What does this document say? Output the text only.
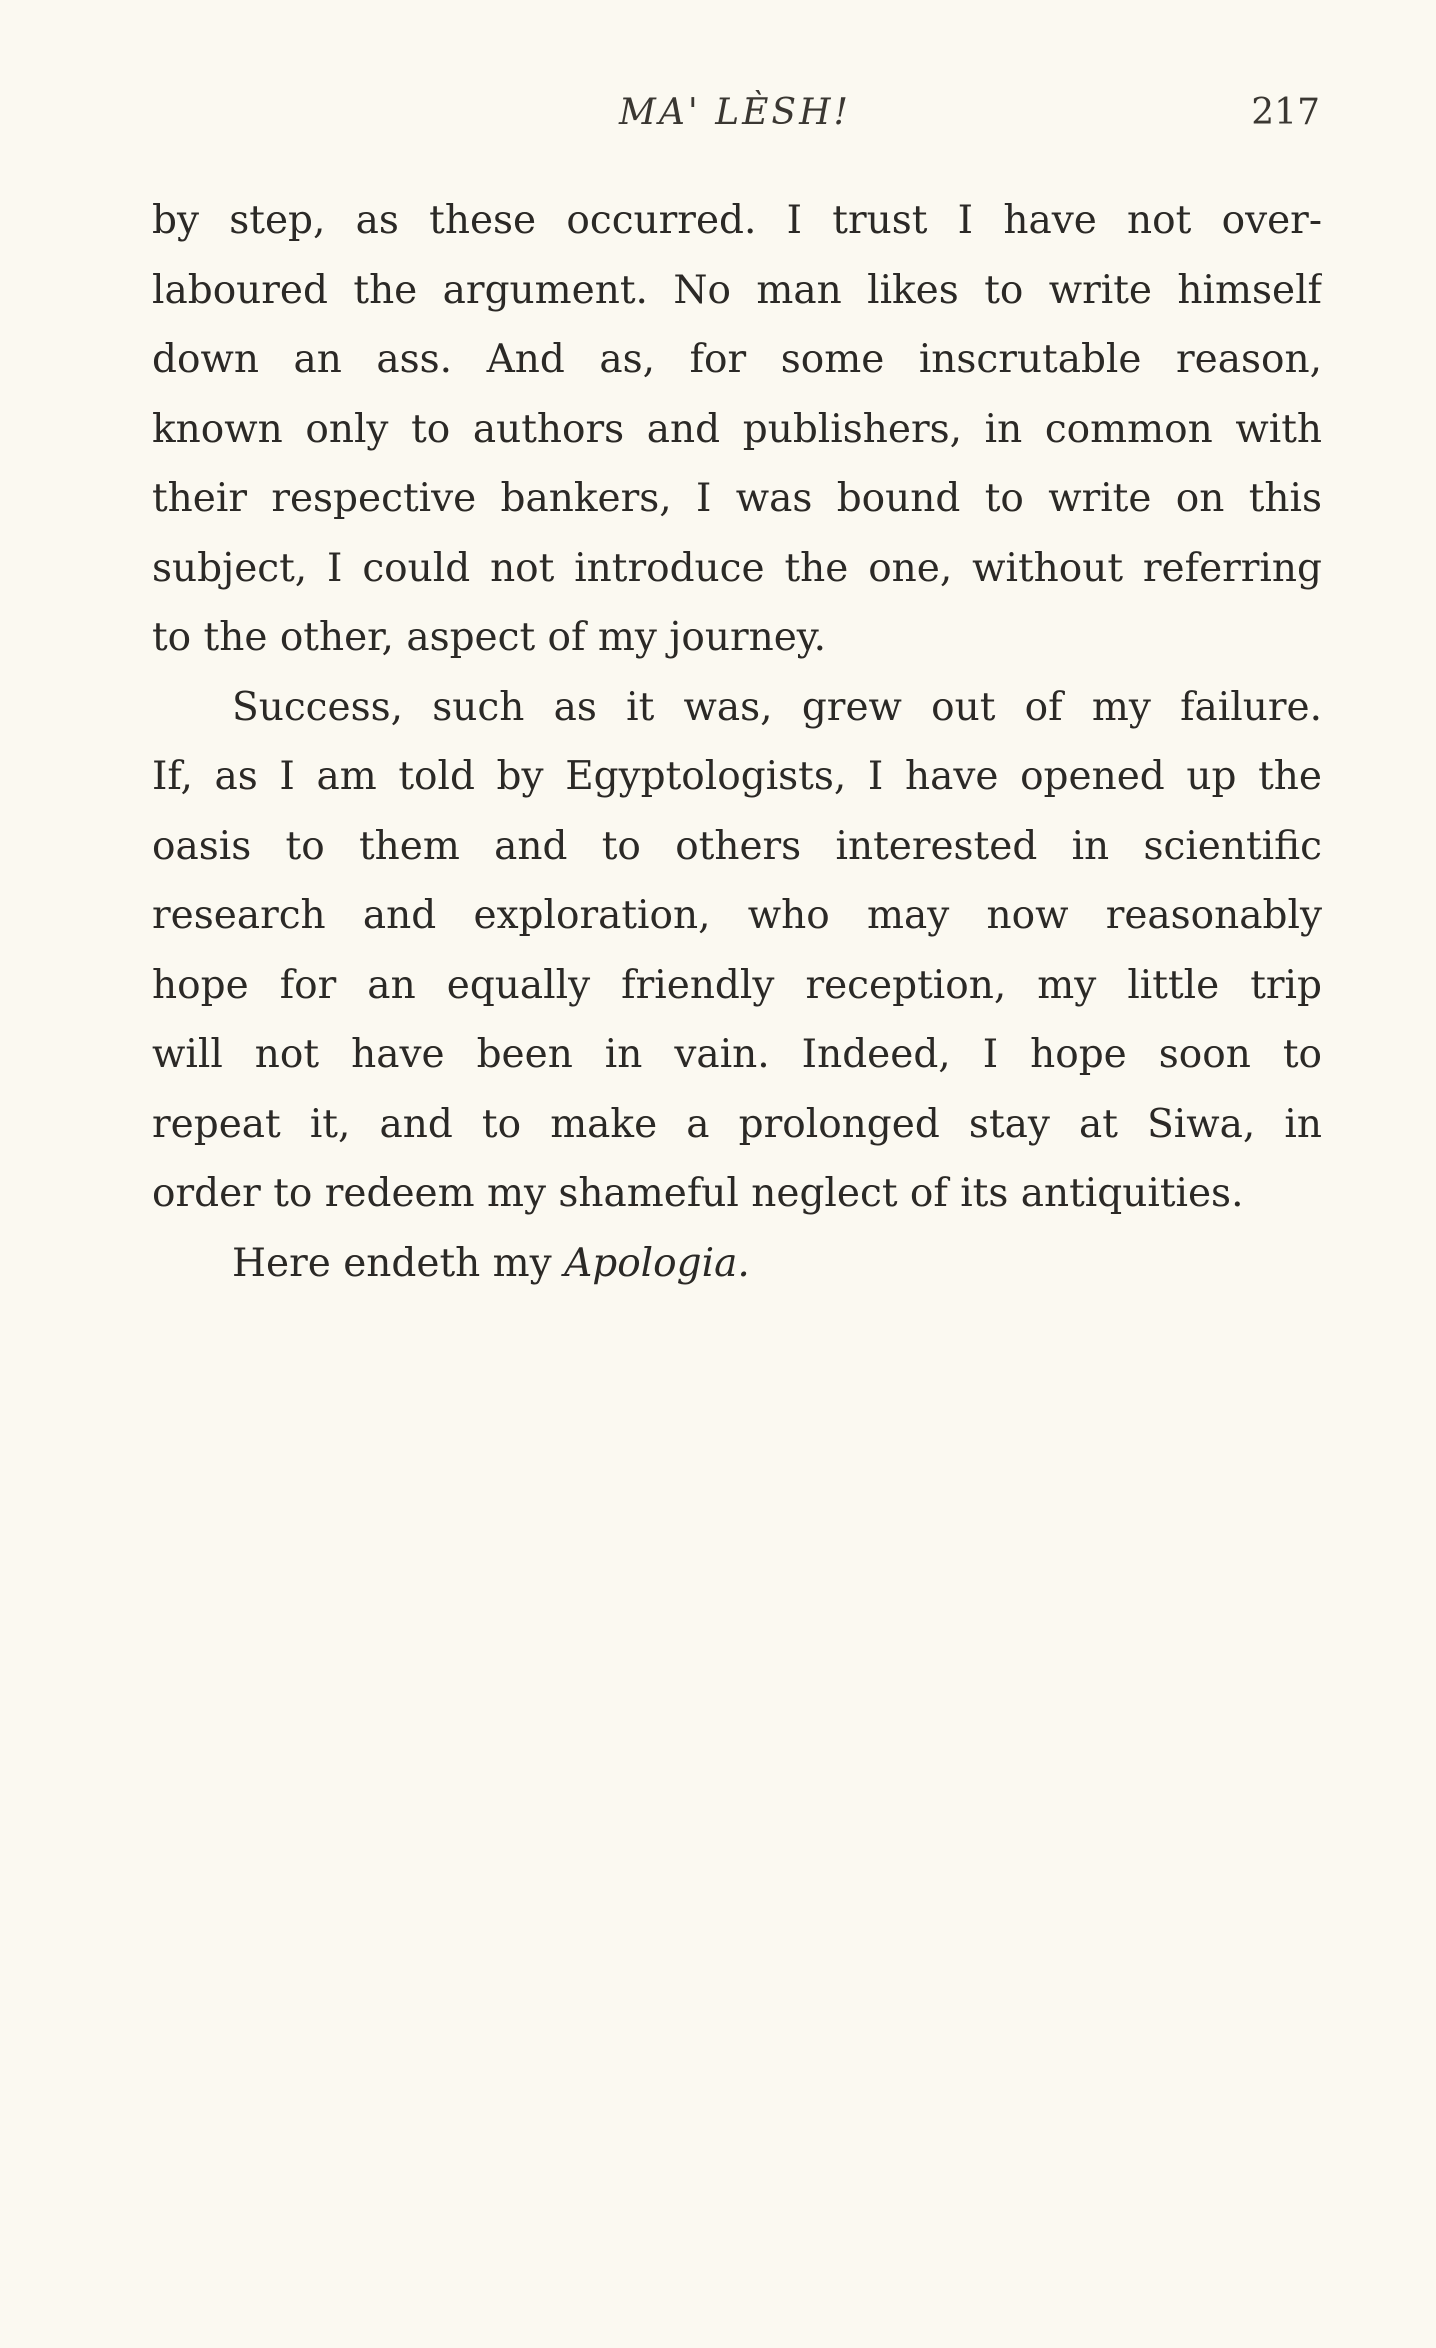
MA' LÈSH!	217
by step, as these occurred. I trust I have not over-
laboured the argument. No man likes to write himself
down an ass. And as, for some inscrutable reason,
known only to authors and publishers, in common with
their respective bankers, I was bound to write on this
subject, I could not introduce the one, without referring
to the other, aspect of my journey.
Success, such as it was, grew out of my failure.
If, as I am told by Egyptologists, I have opened up the
oasis to them and to others interested in scientific
research and exploration, who may now reasonably
hope for an equally friendly reception, my little trip
will not have been in vain. Indeed, I hope soon to
repeat it, and to make a prolonged stay at Siwa, in
order to redeem my shameful neglect of its antiquities.
Here endeth my Apologia.
